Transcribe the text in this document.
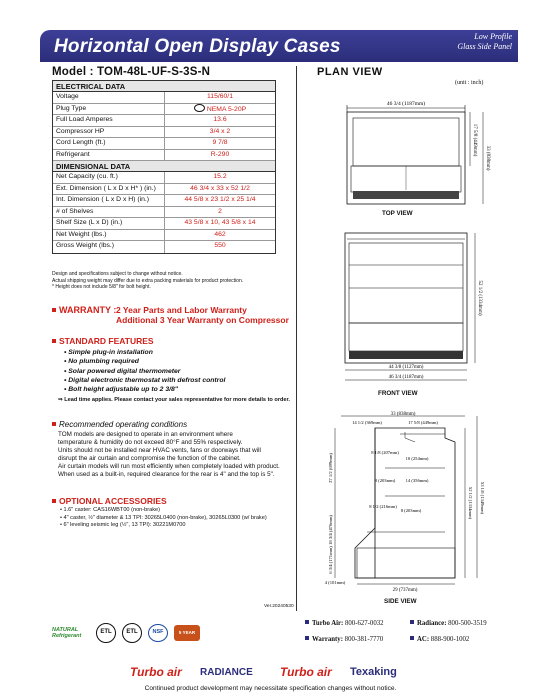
Horizontal Open Display Cases	Low Profile
Glass Side Panel
Model : TOM-48L-UF-S-3S-N
ELECTRICAL DATA
Voltage	115/60/1
Plug Type	NEMA 5-20P
Full Load Amperes	13.6
Compressor HP	3/4 x 2
Cord Length (ft.)	9 7/8
Refrigerant	R-290
DIMENSIONAL DATA
Net Capacity (cu. ft.)	15.2
Ext. Dimension ( L x D x H* ) (in.)	46 3/4 x 33 x 52 1/2
Int. Dimension ( L x D x H) (in.)	44 5/8 x 23 1/2 x 25 1/4
# of Shelves	2
Shelf Size (L x D) (in.)	43 5/8 x 10, 43 5/8 x 14
Net Weight (lbs.)	462
Gross Weight (lbs.)	550
Design and specifications subject to change without notice.
Actual shipping weight may differ due to extra packing materials for product protection.
* Height does not include 5/8" for bolt height.
WARRANTY : 2 Year Parts and Labor Warranty
Additional 3 Year Warranty on Compressor
STANDARD FEATURES
• Simple plug-in installation
• No plumbing required
• Solar powered digital thermometer
• Digital electronic thermostat with defrost control
• Bolt height adjustable up to 2 3/8"
⇒ Lead time applies. Please contact your sales representative for more details to order.
Recommended operating conditions
TOM models are designed to operate in an environment where
temperature & humidity do not exceed 80°F and 55% respectively.
Units should not be installed near HVAC vents, fans or doorways that will
disrupt the air curtain and compromise the function of the cabinet.
Air curtain models will run most efficiently when completely loaded with product.
When used as a built-in, required clearance for the rear is 4" and the top is 5".
OPTIONAL ACCESSORIES
• 1.6" caster: CAS16WBT00 (non-brake)
• 4" caster, ½" diameter & 13 TPI: 30265L0400 (non-brake), 30265L0300 (w/ brake)
• 6" leveling seismic leg (½", 13 TPI): 30221M0700
Ver.20240530
PLAN VIEW
(unit : inch)
46 3/4 (1187mm)
17 5/8 (449mm)
33 (838mm)
TOP VIEW
44 3/8 (1127mm)
46 3/4 (1187mm)
52 1/2 (1334mm)
FRONT VIEW
33 (838mm)
14 1/2 (369mm)	17 5/8 (449mm)
8 1/8 (207mm)
10 (254mm)
8 (203mm) 14 (356mm)
8 1/2 (216mm)
8 (203mm)
27 1/2 (699mm)
18 3/4 (476mm)
6 3/4 (171mm)
4 (101mm)
52 1/2 (1334mm) 53 1/8 (1349mm)
29 (737mm)
SIDE VIEW
NATURAL
Refrigerant
ETL	ETL	NSF	5 YEAR
Turbo Air: 800-627-0032	Radiance: 800-500-3519
Warranty: 800-381-7770	AC: 888-900-1002
Turbo air RADIANCE Turbo air Texaking
Continued product development may necessitate specification changes without notice.
